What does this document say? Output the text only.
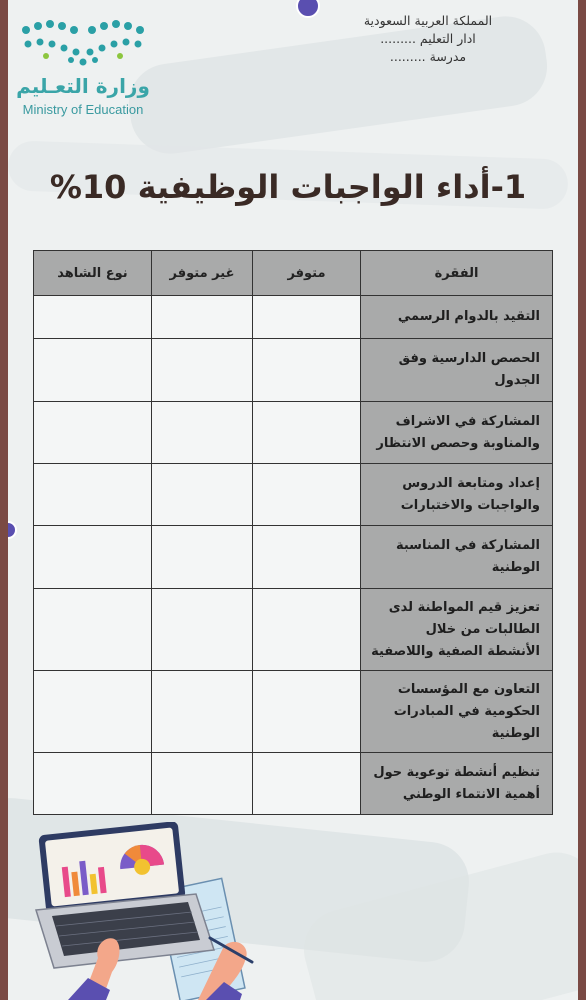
المملكة العربية السعودية
ادار التعليم .........
مدرسة .........
وزارة التعـليم
Ministry of Education
1-أداء الواجبات الوظيفية 10%
الفقرة	متوفر	غير متوفر	نوع الشاهد
التقيد بالدوام الرسمي			
الحصص الدارسية وفق الجدول			
المشاركة في الاشراف والمناوبة وحصص الانتظار			
إعداد ومتابعة الدروس والواجبات والاختبارات			
المشاركة في المناسبة الوطنية			
تعزيز قيم المواطنة لدى الطالبات من خلال الأنشطة الصفية واللاصفية			
التعاون مع المؤسسات الحكومية في المبادرات الوطنية			
تنظيم أنشطة توعوية حول أهمية الانتماء الوطني			
